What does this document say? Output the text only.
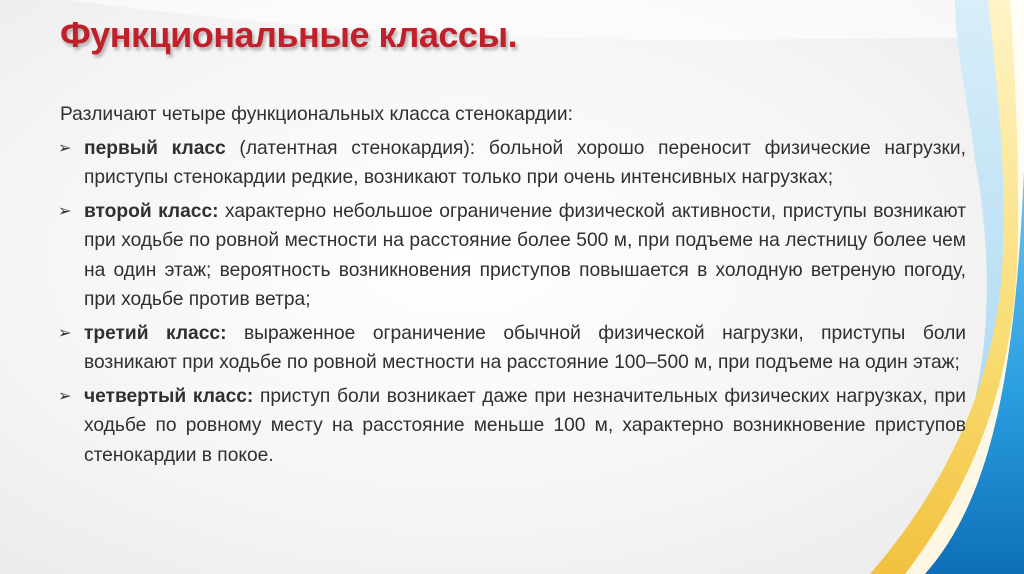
Функциональные классы.

Различают четыре функциональных класса стенокардии:

➢ первый класс (латентная стенокардия): больной хорошо переносит физические нагрузки, приступы стенокардии редкие, возникают только при очень интенсивных нагрузках;
➢ второй класс: характерно небольшое ограничение физической активности, приступы возникают при ходьбе по ровной местности на расстояние более 500 м, при подъеме на лестницу более чем на один этаж; вероятность возникновения приступов повышается в холодную ветреную погоду, при ходьбе против ветра;
➢ третий класс: выраженное ограничение обычной физической нагрузки, приступы боли возникают при ходьбе по ровной местности на расстояние 100–500 м, при подъеме на один этаж;
➢ четвертый класс: приступ боли возникает даже при незначительных физических нагрузках, при ходьбе по ровному месту на расстояние меньше 100 м, характерно возникновение приступов стенокардии в покое.
